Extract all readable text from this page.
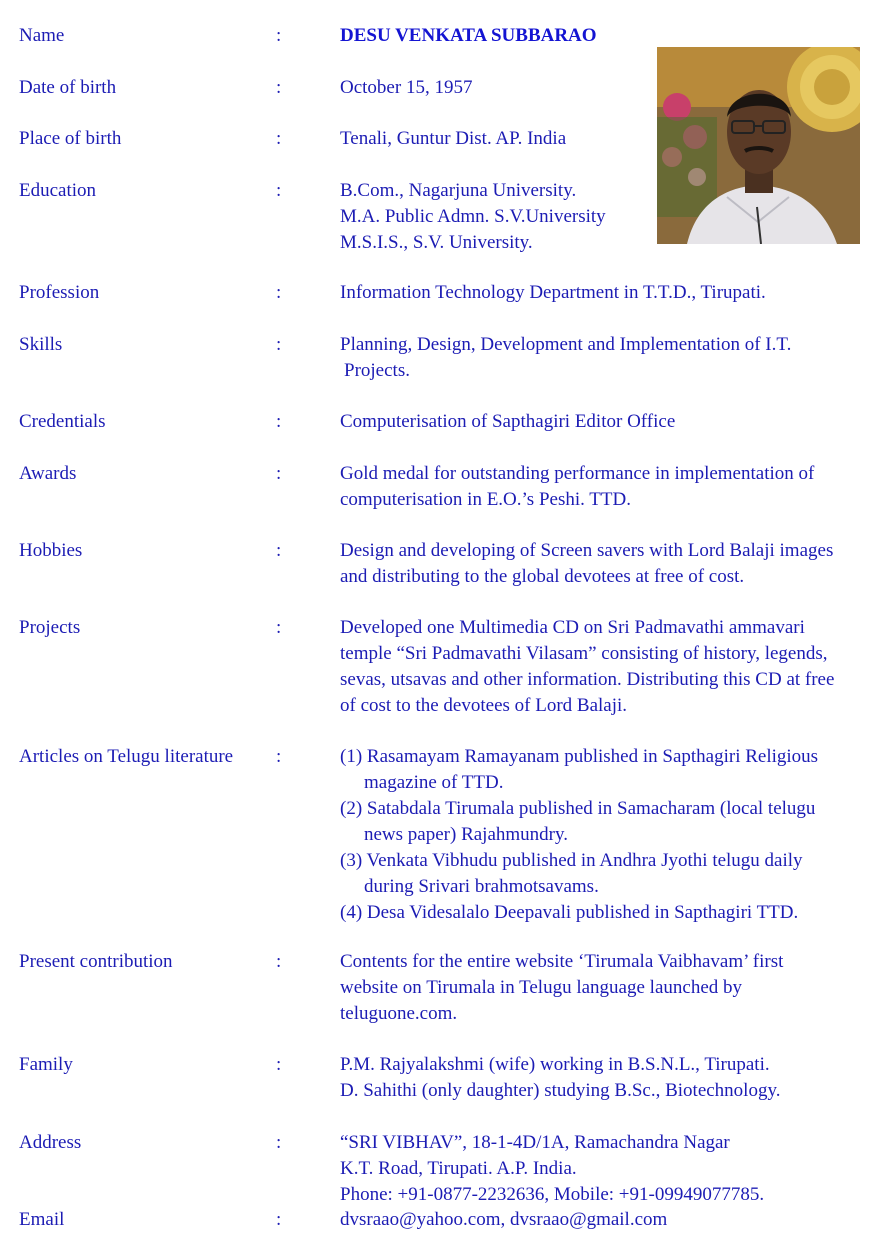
Name	:	DESU VENKATA SUBBARAO
Date of birth	:	October 15, 1957
Place of birth	:	Tenali, Guntur Dist. AP. India
Education	:	B.Com., Nagarjuna University.
M.A. Public Admn. S.V.University
M.S.I.S., S.V. University.
Profession	:	Information Technology Department in T.T.D., Tirupati.
Skills	:	Planning, Design, Development and Implementation of I.T.
Projects.
Credentials	:	Computerisation of Sapthagiri Editor Office
Awards	:	Gold medal for outstanding performance in implementation of
computerisation in E.O.’s Peshi. TTD.
Hobbies	:	Design and developing of Screen savers with Lord Balaji images
and distributing to the global devotees at free of cost.
Projects	:	Developed one Multimedia CD on Sri Padmavathi ammavari
temple “Sri Padmavathi Vilasam” consisting of history, legends,
sevas, utsavas and other information. Distributing this CD at free
of cost to the devotees of Lord Balaji.
Articles on Telugu literature :	(1) Rasamayam Ramayanam published in Sapthagiri Religious
magazine of TTD.
(2) Satabdala Tirumala published in Samacharam (local telugu
news paper) Rajahmundry.
(3) Venkata Vibhudu published in Andhra Jyothi telugu daily
during Srivari brahmotsavams.
(4) Desa Videsalalo Deepavali published in Sapthagiri TTD.
Present contribution	:	Contents for the entire website ‘Tirumala Vaibhavam’ first
website on Tirumala in Telugu language launched by
teluguone.com.
Family	:	P.M. Rajyalakshmi (wife) working in B.S.N.L., Tirupati.
D. Sahithi (only daughter) studying B.Sc., Biotechnology.
Address	:	“SRI VIBHAV”, 18-1-4D/1A, Ramachandra Nagar
K.T. Road, Tirupati. A.P. India.
Phone: +91-0877-2232636, Mobile: +91-09949077785.
Email	:	dvsraao@yahoo.com, dvsraao@gmail.com
